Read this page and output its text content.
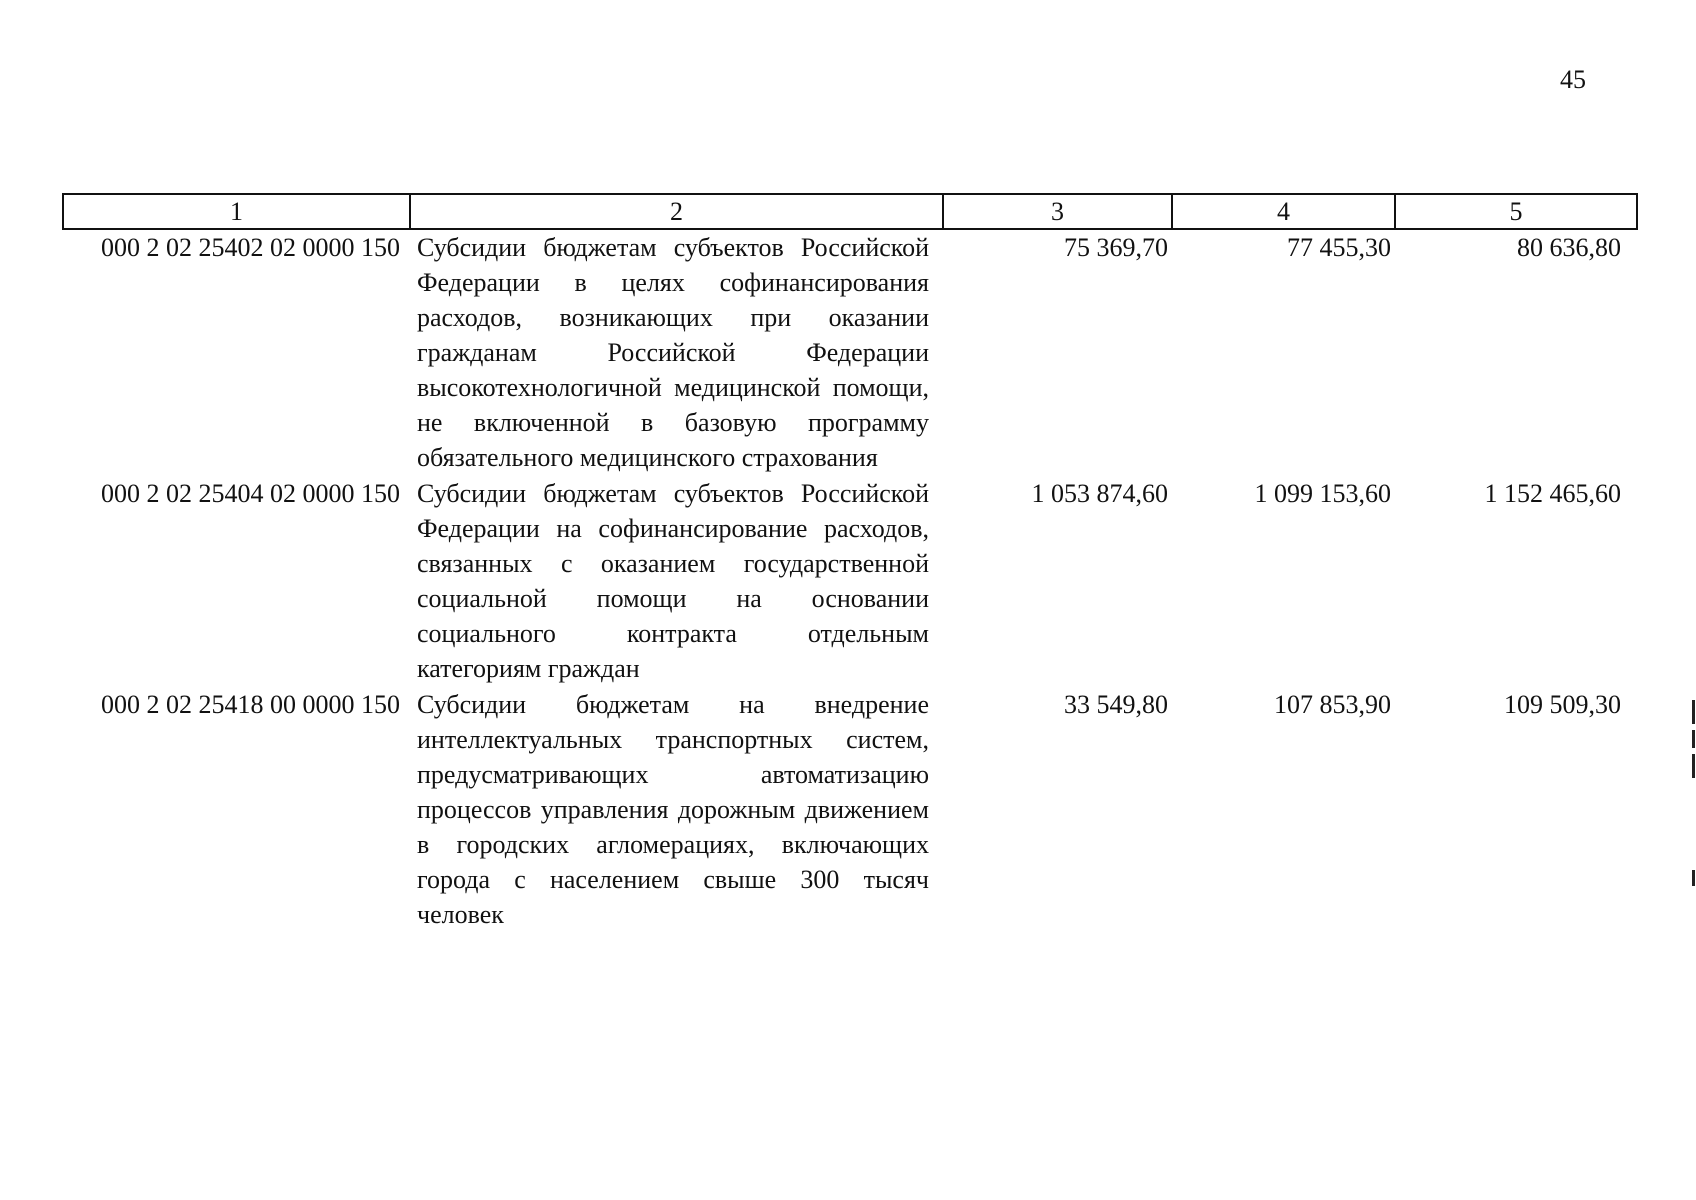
45
1	2	3	4	5
000 2 02 25402 02 0000 150	Субсидии бюджетам субъектов Российской Федерации в целях софинансирования расходов, возникающих при оказании гражданам Российской Федерации высокотехнологичной медицинской помощи, не включенной в базовую программу обязательного медицинского страхования	75 369,70	77 455,30	80 636,80
000 2 02 25404 02 0000 150	Субсидии бюджетам субъектов Российской Федерации на софинансирование расходов, связанных с оказанием государственной социальной помощи на основании социального контракта отдельным категориям граждан	1 053 874,60	1 099 153,60	1 152 465,60
000 2 02 25418 00 0000 150	Субсидии бюджетам на внедрение интеллектуальных транспортных систем, предусматривающих автоматизацию процессов управления дорожным движением в городских агломерациях, включающих города с населением свыше 300 тысяч человек	33 549,80	107 853,90	109 509,30
